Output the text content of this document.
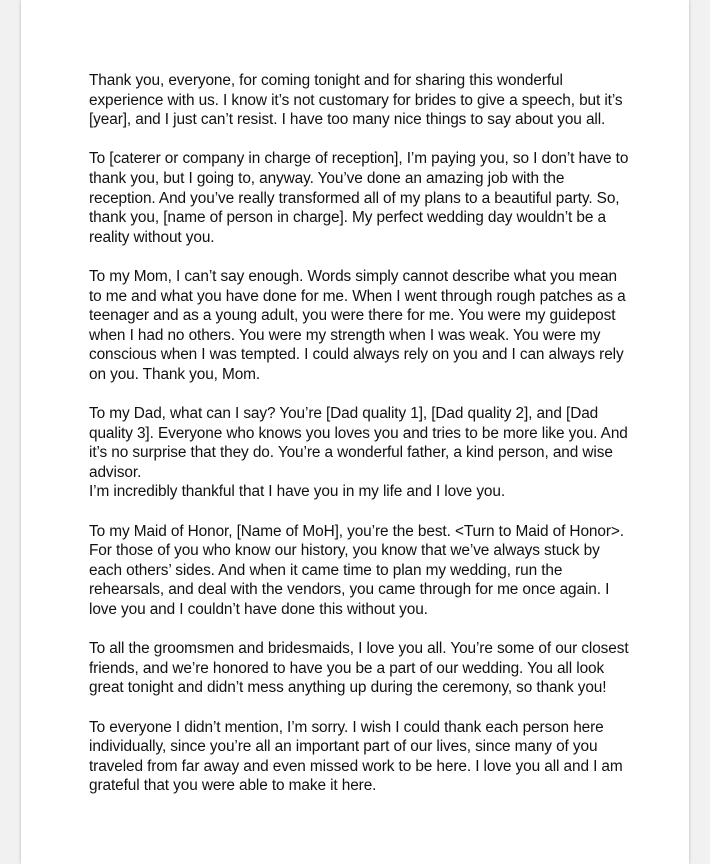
Thank you, everyone, for coming tonight and for sharing this wonderful
experience with us. I know it’s not customary for brides to give a speech, but it’s
[year], and I just can’t resist. I have too many nice things to say about you all.

To [caterer or company in charge of reception], I’m paying you, so I don’t have to
thank you, but I going to, anyway. You’ve done an amazing job with the
reception. And you’ve really transformed all of my plans to a beautiful party. So,
thank you, [name of person in charge]. My perfect wedding day wouldn’t be a
reality without you.

To my Mom, I can’t say enough. Words simply cannot describe what you mean
to me and what you have done for me. When I went through rough patches as a
teenager and as a young adult, you were there for me. You were my guidepost
when I had no others. You were my strength when I was weak. You were my
conscious when I was tempted. I could always rely on you and I can always rely
on you. Thank you, Mom.

To my Dad, what can I say? You’re [Dad quality 1], [Dad quality 2], and [Dad
quality 3]. Everyone who knows you loves you and tries to be more like you. And
it’s no surprise that they do. You’re a wonderful father, a kind person, and wise
advisor.
I’m incredibly thankful that I have you in my life and I love you.

To my Maid of Honor, [Name of MoH], you’re the best. <Turn to Maid of Honor>.
For those of you who know our history, you know that we’ve always stuck by
each others’ sides. And when it came time to plan my wedding, run the
rehearsals, and deal with the vendors, you came through for me once again. I
love you and I couldn’t have done this without you.

To all the groomsmen and bridesmaids, I love you all. You’re some of our closest
friends, and we’re honored to have you be a part of our wedding. You all look
great tonight and didn’t mess anything up during the ceremony, so thank you!

To everyone I didn’t mention, I’m sorry. I wish I could thank each person here
individually, since you’re all an important part of our lives, since many of you
traveled from far away and even missed work to be here. I love you all and I am
grateful that you were able to make it here.
